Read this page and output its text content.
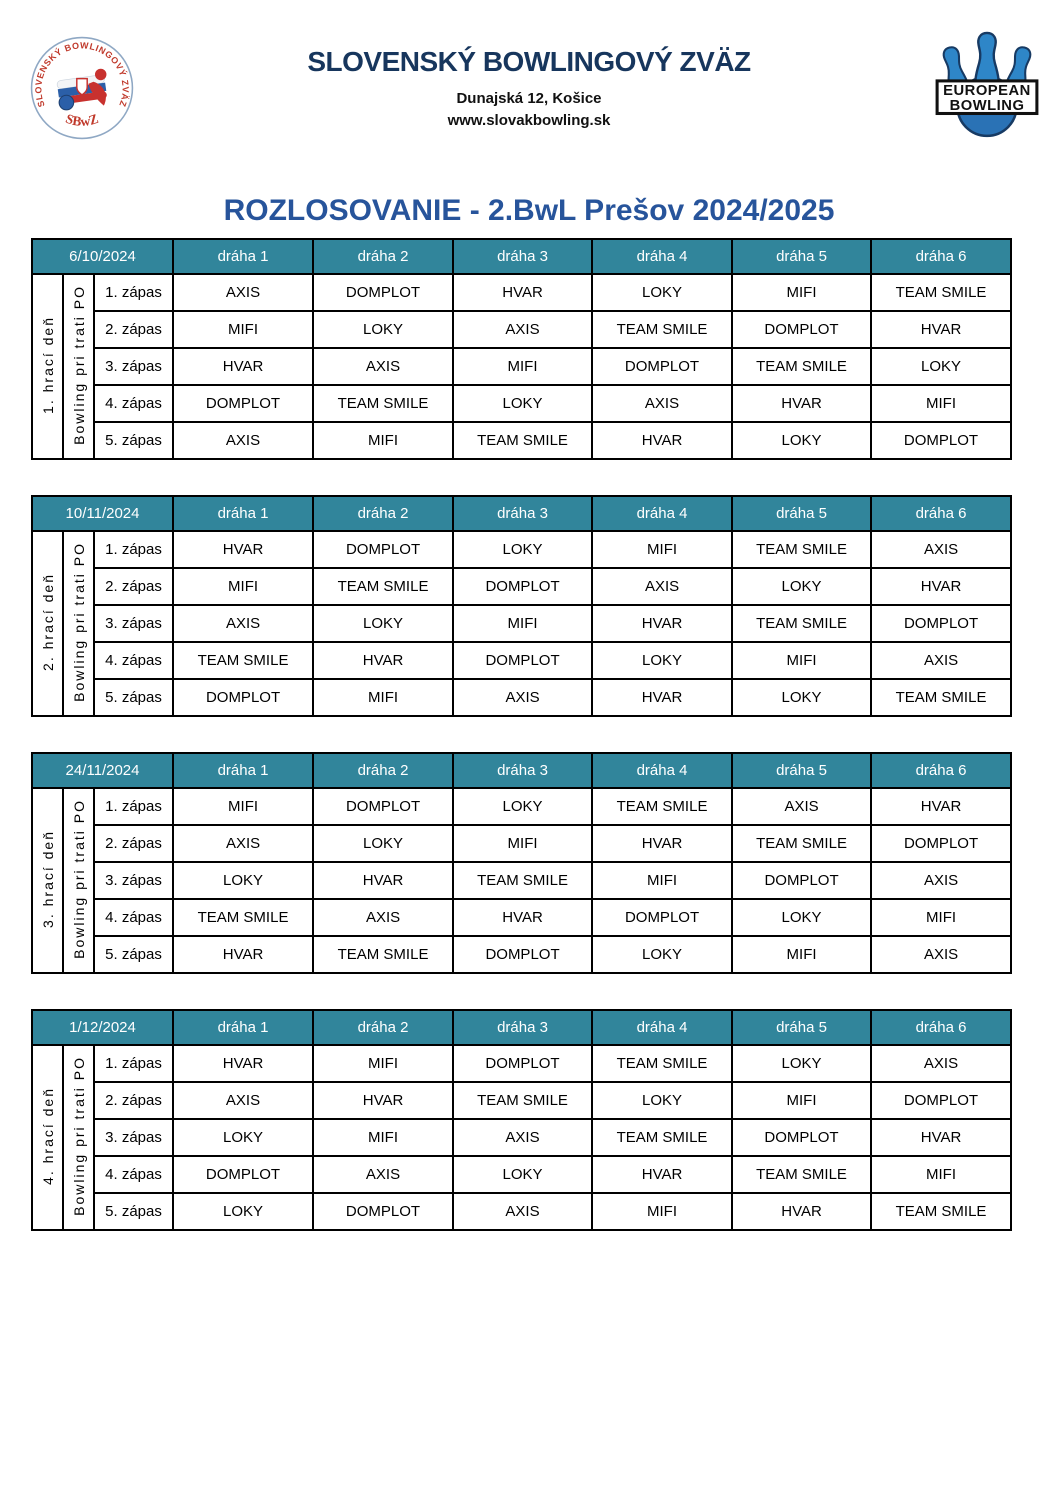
SLOVENSKÝ BOWLINGOVÝ ZVÄZ
SBwZ
SLOVENSKÝ BOWLINGOVÝ ZVÄZ
Dunajská 12, Košice
www.slovakbowling.sk
EUROPEAN
BOWLING
ROZLOSOVANIE - 2.BwL Prešov 2024/2025
6/10/2024			dráha 1	dráha 2	dráha 3	dráha 4	dráha 5	dráha 6
1. hrací deň	Bowling pri trati PO	1. zápas	AXIS	DOMPLOT	HVAR	LOKY	MIFI	TEAM SMILE
		2. zápas	MIFI	LOKY	AXIS	TEAM SMILE	DOMPLOT	HVAR
		3. zápas	HVAR	AXIS	MIFI	DOMPLOT	TEAM SMILE	LOKY
		4. zápas	DOMPLOT	TEAM SMILE	LOKY	AXIS	HVAR	MIFI
		5. zápas	AXIS	MIFI	TEAM SMILE	HVAR	LOKY	DOMPLOT
10/11/2024			dráha 1	dráha 2	dráha 3	dráha 4	dráha 5	dráha 6
2. hrací deň	Bowling pri trati PO	1. zápas	HVAR	DOMPLOT	LOKY	MIFI	TEAM SMILE	AXIS
		2. zápas	MIFI	TEAM SMILE	DOMPLOT	AXIS	LOKY	HVAR
		3. zápas	AXIS	LOKY	MIFI	HVAR	TEAM SMILE	DOMPLOT
		4. zápas	TEAM SMILE	HVAR	DOMPLOT	LOKY	MIFI	AXIS
		5. zápas	DOMPLOT	MIFI	AXIS	HVAR	LOKY	TEAM SMILE
24/11/2024			dráha 1	dráha 2	dráha 3	dráha 4	dráha 5	dráha 6
3. hrací deň	Bowling pri trati PO	1. zápas	MIFI	DOMPLOT	LOKY	TEAM SMILE	AXIS	HVAR
		2. zápas	AXIS	LOKY	MIFI	HVAR	TEAM SMILE	DOMPLOT
		3. zápas	LOKY	HVAR	TEAM SMILE	MIFI	DOMPLOT	AXIS
		4. zápas	TEAM SMILE	AXIS	HVAR	DOMPLOT	LOKY	MIFI
		5. zápas	HVAR	TEAM SMILE	DOMPLOT	LOKY	MIFI	AXIS
1/12/2024			dráha 1	dráha 2	dráha 3	dráha 4	dráha 5	dráha 6
4. hrací deň	Bowling pri trati PO	1. zápas	HVAR	MIFI	DOMPLOT	TEAM SMILE	LOKY	AXIS
		2. zápas	AXIS	HVAR	TEAM SMILE	LOKY	MIFI	DOMPLOT
		3. zápas	LOKY	MIFI	AXIS	TEAM SMILE	DOMPLOT	HVAR
		4. zápas	DOMPLOT	AXIS	LOKY	HVAR	TEAM SMILE	MIFI
		5. zápas	LOKY	DOMPLOT	AXIS	MIFI	HVAR	TEAM SMILE
